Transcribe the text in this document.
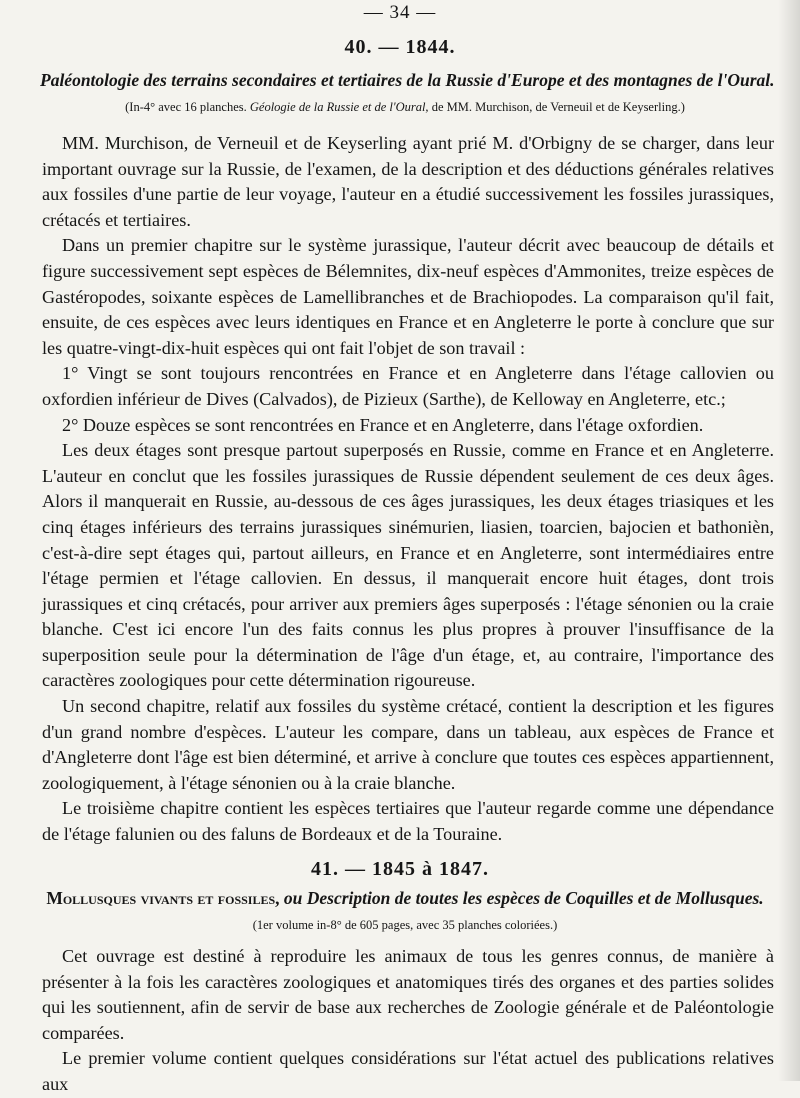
— 34 —
40. — 1844.
Paléontologie des terrains secondaires et tertiaires de la Russie d'Europe et des montagnes de l'Oural.
(In-4° avec 16 planches. Géologie de la Russie et de l'Oural, de MM. Murchison, de Verneuil et de Keyserling.)

MM. Murchison, de Verneuil et de Keyserling ayant prié M. d'Orbigny de se charger, dans leur important ouvrage sur la Russie, de l'examen, de la description et des déductions générales relatives aux fossiles d'une partie de leur voyage, l'auteur en a étudié successivement les fossiles jurassiques, crétacés et tertiaires.

Dans un premier chapitre sur le système jurassique, l'auteur décrit avec beaucoup de détails et figure successivement sept espèces de Bélemnites, dix-neuf espèces d'Ammonites, treize espèces de Gastéropodes, soixante espèces de Lamellibranches et de Brachiopodes. La comparaison qu'il fait, ensuite, de ces espèces avec leurs identiques en France et en Angleterre le porte à conclure que sur les quatre-vingt-dix-huit espèces qui ont fait l'objet de son travail :

1° Vingt se sont toujours rencontrées en France et en Angleterre dans l'étage callovien ou oxfordien inférieur de Dives (Calvados), de Pizieux (Sarthe), de Kelloway en Angleterre, etc.;

2° Douze espèces se sont rencontrées en France et en Angleterre, dans l'étage oxfordien.

Les deux étages sont presque partout superposés en Russie, comme en France et en Angleterre. L'auteur en conclut que les fossiles jurassiques de Russie dépendent seulement de ces deux âges. Alors il manquerait en Russie, au-dessous de ces âges jurassiques, les deux étages triasiques et les cinq étages inférieurs des terrains jurassiques sinémurien, liasien, toarcien, bajocien et bathonièn, c'est-à-dire sept étages qui, partout ailleurs, en France et en Angleterre, sont intermédiaires entre l'étage permien et l'étage callovien. En dessus, il manquerait encore huit étages, dont trois jurassiques et cinq crétacés, pour arriver aux premiers âges superposés : l'étage sénonien ou la craie blanche. C'est ici encore l'un des faits connus les plus propres à prouver l'insuffisance de la superposition seule pour la détermination de l'âge d'un étage, et, au contraire, l'importance des caractères zoologiques pour cette détermination rigoureuse.

Un second chapitre, relatif aux fossiles du système crétacé, contient la description et les figures d'un grand nombre d'espèces. L'auteur les compare, dans un tableau, aux espèces de France et d'Angleterre dont l'âge est bien déterminé, et arrive à conclure que toutes ces espèces appartiennent, zoologiquement, à l'étage sénonien ou à la craie blanche.

Le troisième chapitre contient les espèces tertiaires que l'auteur regarde comme une dépendance de l'étage falunien ou des faluns de Bordeaux et de la Touraine.

41. — 1845 à 1847.
Mollusques vivants et fossiles, ou Description de toutes les espèces de Coquilles et de Mollusques.
(1er volume in-8° de 605 pages, avec 35 planches coloriées.)

Cet ouvrage est destiné à reproduire les animaux de tous les genres connus, de manière à présenter à la fois les caractères zoologiques et anatomiques tirés des organes et des parties solides qui les soutiennent, afin de servir de base aux recherches de Zoologie générale et de Paléontologie comparées.

Le premier volume contient quelques considérations sur l'état actuel des publications relatives aux
